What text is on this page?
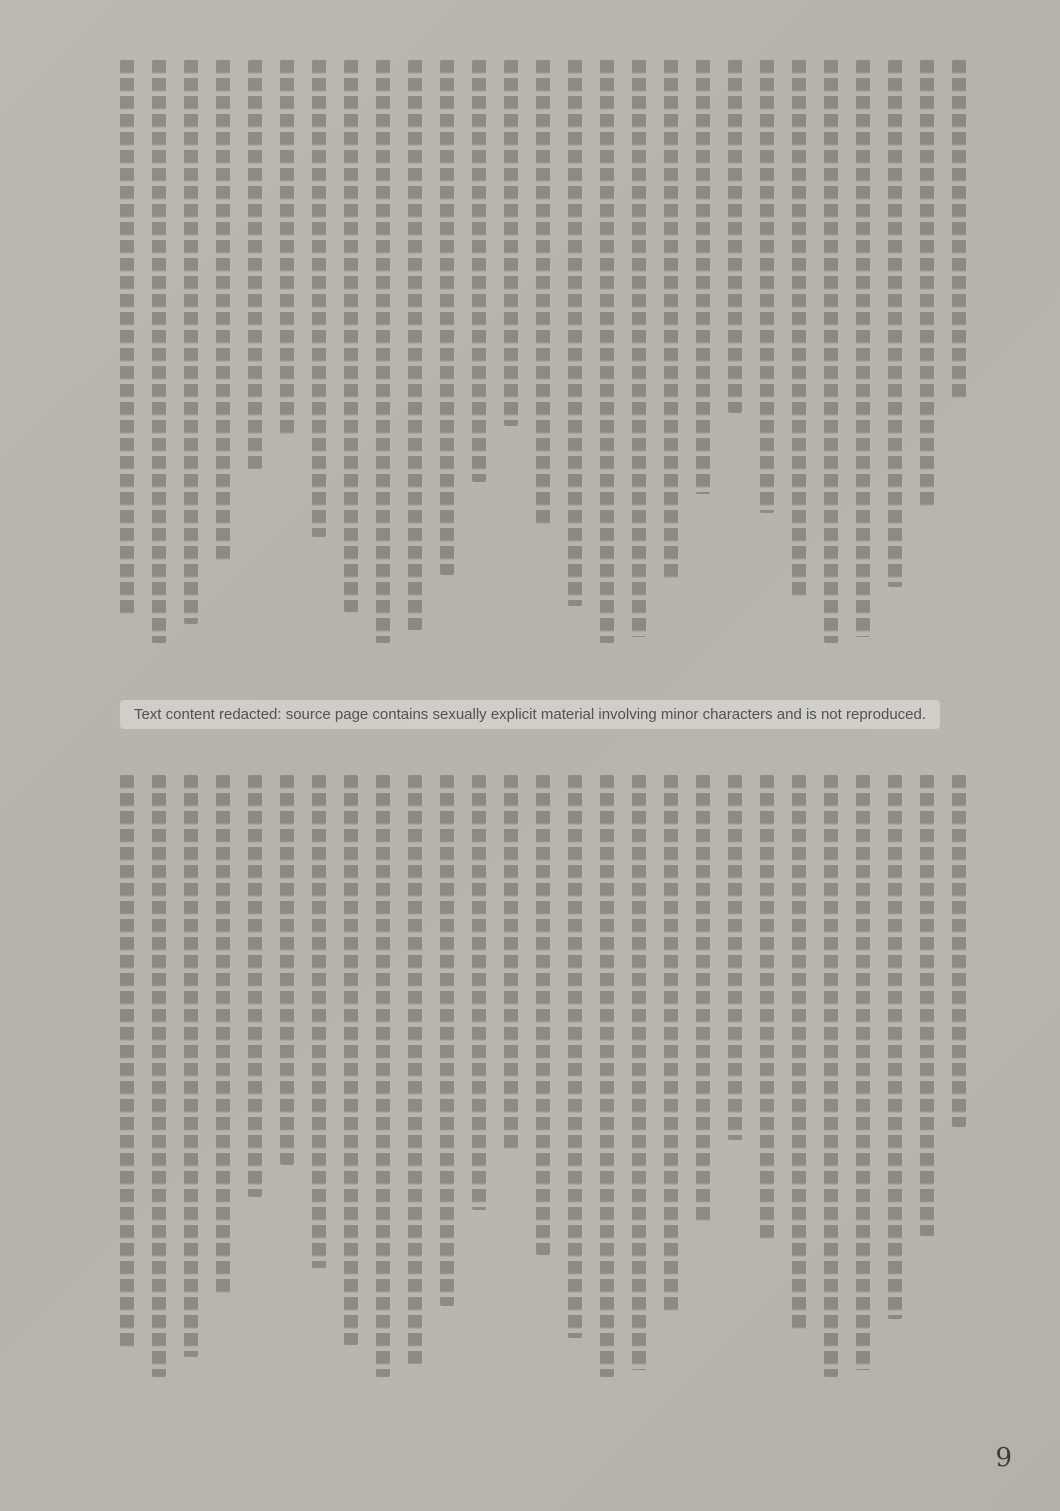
Text content redacted: source page contains sexually explicit material involving minor characters and is not reproduced.
9
